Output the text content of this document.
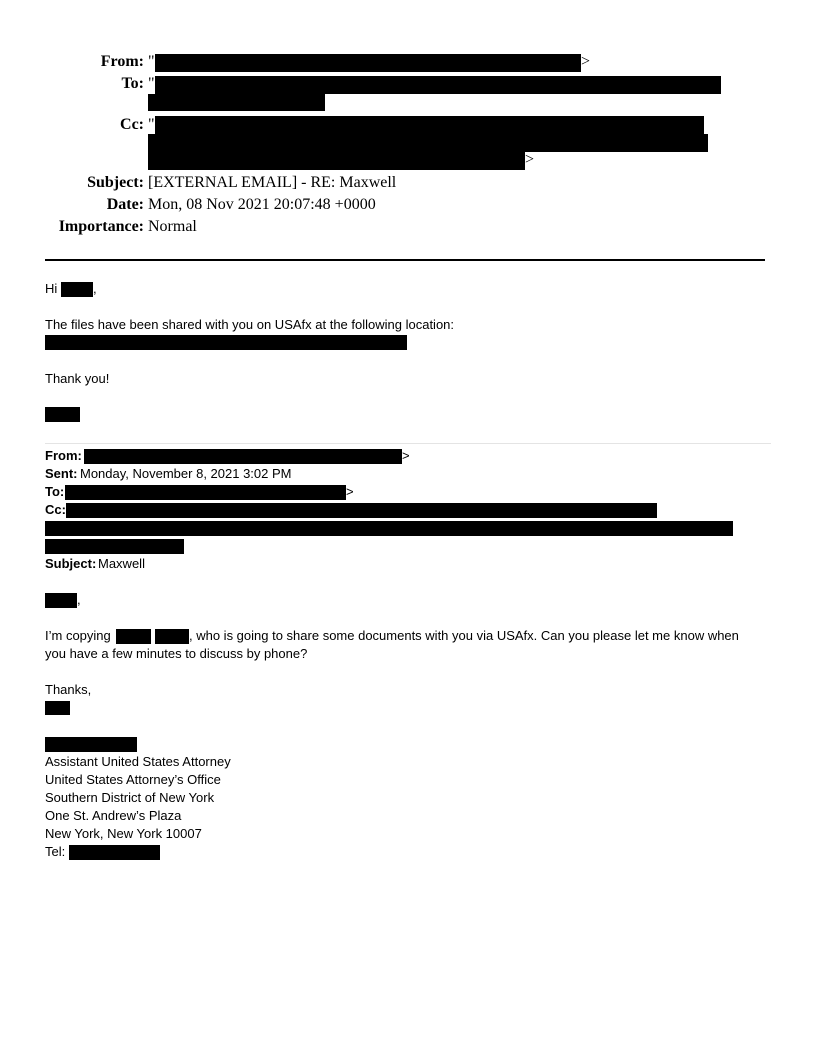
From: "	>
To: "
Cc: "
>
Subject: [EXTERNAL EMAIL] - RE: Maxwell
Date: Mon, 08 Nov 2021 20:07:48 +0000
Importance: Normal
Hi	,
The files have been shared with you on USAfx at the following location:
Thank you!
From:	>
Sent: Monday, November 8, 2021 3:02 PM
To:	>
Cc:
Subject: Maxwell
,
I’m copying	, who is going to share some documents with you via USAfx. Can you please let me know when
you have a few minutes to discuss by phone?
Thanks,
Assistant United States Attorney
United States Attorney’s Office
Southern District of New York
One St. Andrew’s Plaza
New York, New York 10007
Tel:
